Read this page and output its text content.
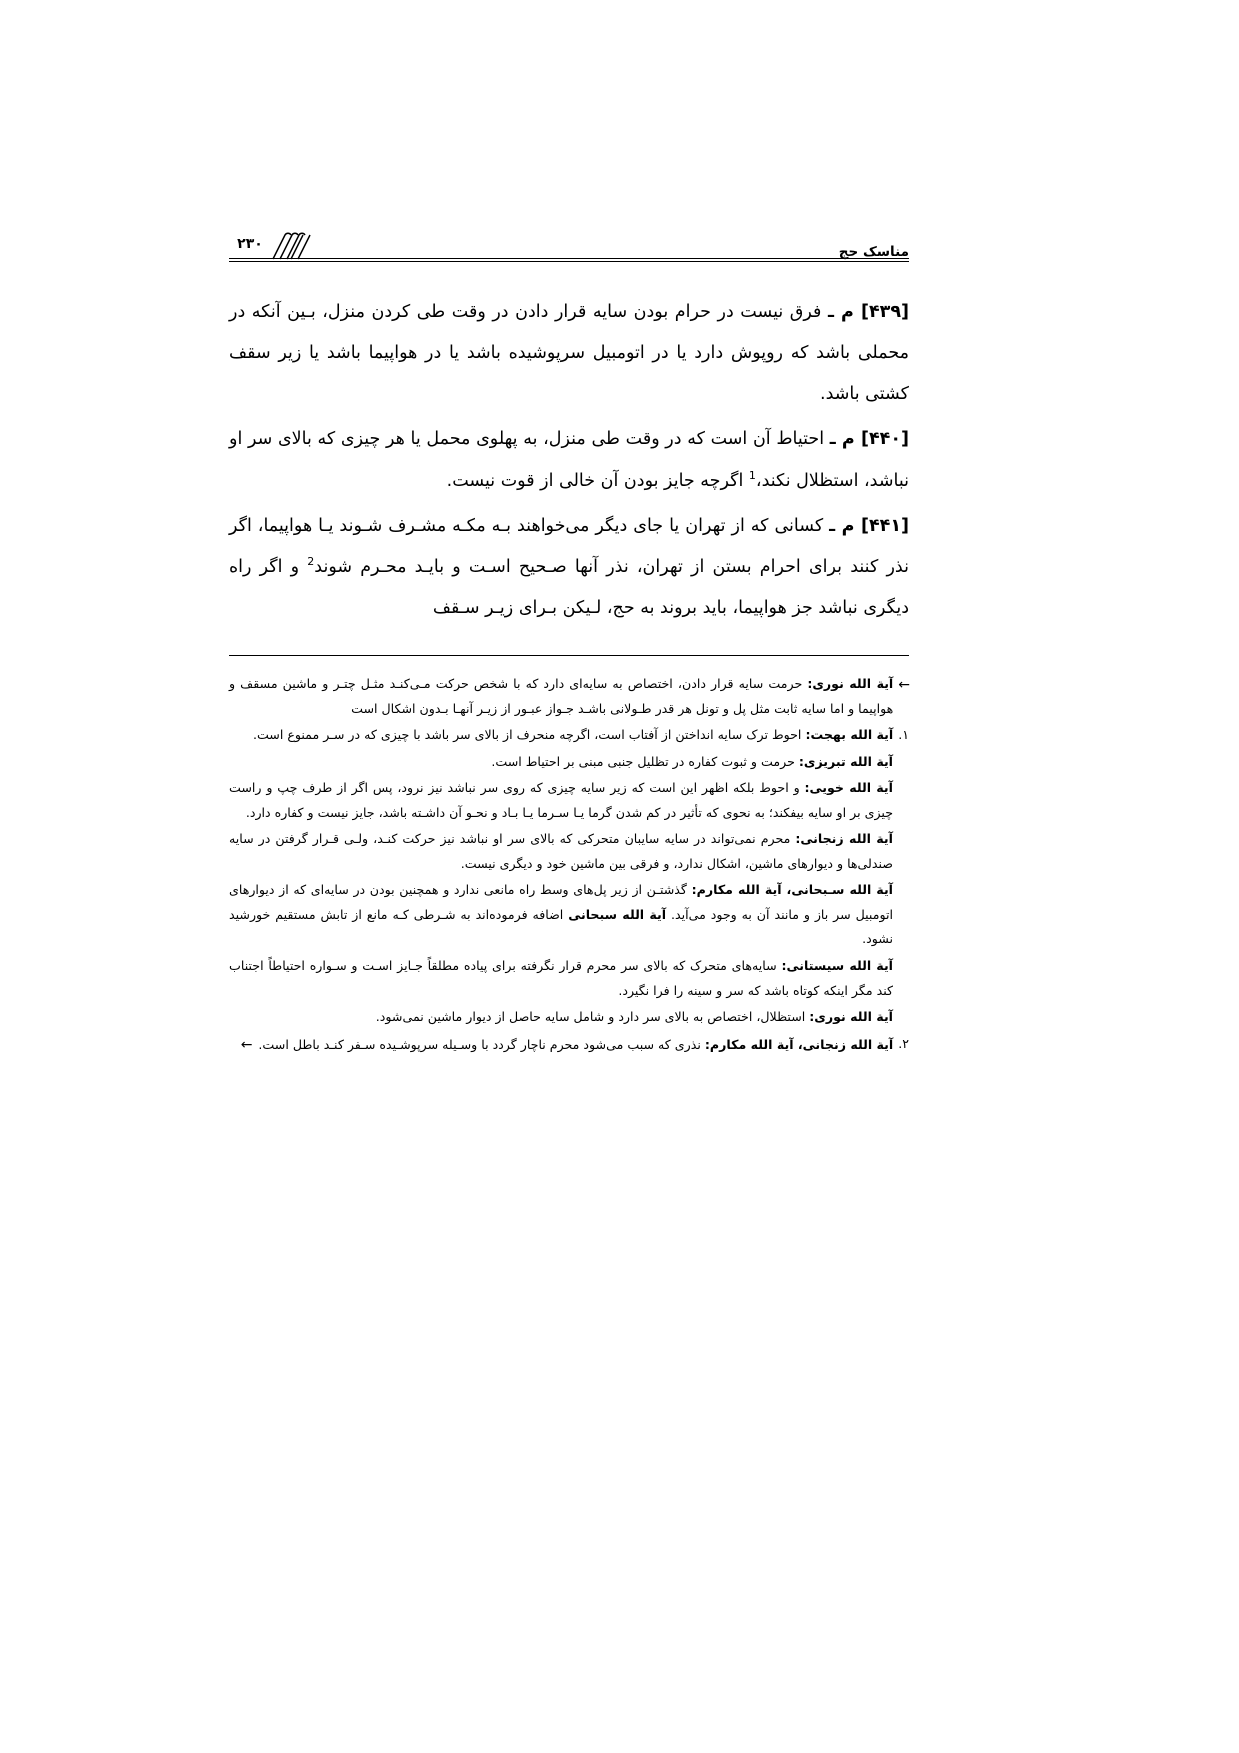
مناسک حج
۲۳۰

[۴۳۹] م ـ فرق نیست در حرام بودن سایه قرار دادن در وقت طی کردن منزل، بـین آنکه در محملی باشد که روپوش دارد یا در اتومبیل سرپوشیده باشد یا در هواپیما باشد یا زیر سقف کشتی باشد.

[۴۴۰] م ـ احتیاط آن است که در وقت طی منزل، به پهلوی محمل یا هر چیزی که بالای سر او نباشد، استظلال نکند،$^1$ اگرچه جایز بودن آن خالی از قوت نیست.

[۴۴۱] م ـ کسانی که از تهران یا جای دیگر می‌خواهند بـه مکـه مشـرف شـوند یـا هواپیما، اگر نذر کنند برای احرام بستن از تهران، نذر آنها صـحیح اسـت و بایـد محـرم شوند$^2$ و اگر راه دیگری نباشد جز هواپیما، باید بروند به حج، لـیکن بـرای زیـر سـقف

←
آیة الله نوری: حرمت سایه قرار دادن، اختصاص به سایه‌ای دارد که با شخص حرکت مـی‌کنـد مثـل چتـر و ماشین مسقف و هواپیما و اما سایه ثابت مثل پل و تونل هر قدر طـولانی باشـد جـواز عبـور از زیـر آنهـا بـدون اشکال است
۱.
آیة الله بهجت: احوط ترک سایه انداختن از آفتاب است، اگرچه منحرف از بالای سر باشد با چیزی که در سـر ممنوع است.

آیة الله تبریزی: حرمت و ثبوت کفاره در تظلیل جنبی مبنی بر احتیاط است.

آیة الله خویی: و احوط بلکه اظهر این است که زیر سایه چیزی که روی سر نباشد نیز نرود، پس اگر از طرف چپ و راست چیزی بر او سایه بیفکند؛ به نحوی که تأثیر در کم شدن گرما یـا سـرما یـا بـاد و نحـو آن داشـته باشد، جایز نیست و کفاره دارد.

آیة الله زنجانی: محرم نمی‌تواند در سایه سایبان متحرکی که بالای سر او نباشد نیز حرکت کنـد، ولـی قـرار گرفتن در سایه صندلی‌ها و دیوارهای ماشین، اشکال ندارد، و فرقی بین ماشین خود و دیگری نیست.

آیة الله سـبحانی، آیة الله مکارم: گذشتـن از زیر پل‌های وسط راه مانعی ندارد و همچنین بودن در سایه‌ای که از دیوارهای اتومبیل سر باز و مانند آن به وجود می‌آید. آیة الله سبحانی اضافه فرموده‌اند به شـرطی کـه مانع از تابش مستقیم خورشید نشود.

آیة الله سیستانی: سایه‌های متحرک که بالای سر محرم قرار نگرفته برای پیاده مطلقاً جـایز اسـت و سـواره احتیاطاً اجتناب کند مگر اینکه کوتاه باشد که سر و سینه را فرا نگیرد.

آیة الله نوری: استظلال، اختصاص به بالای سر دارد و شامل سایه حاصل از دیوار ماشین نمی‌شود.

۲.
آیة الله زنجانی، آیة الله مکارم: نذری که سبب می‌شود محرم ناچار گردد با وسـیله سرپوشـیده سـفر کنـد باطل است.←
